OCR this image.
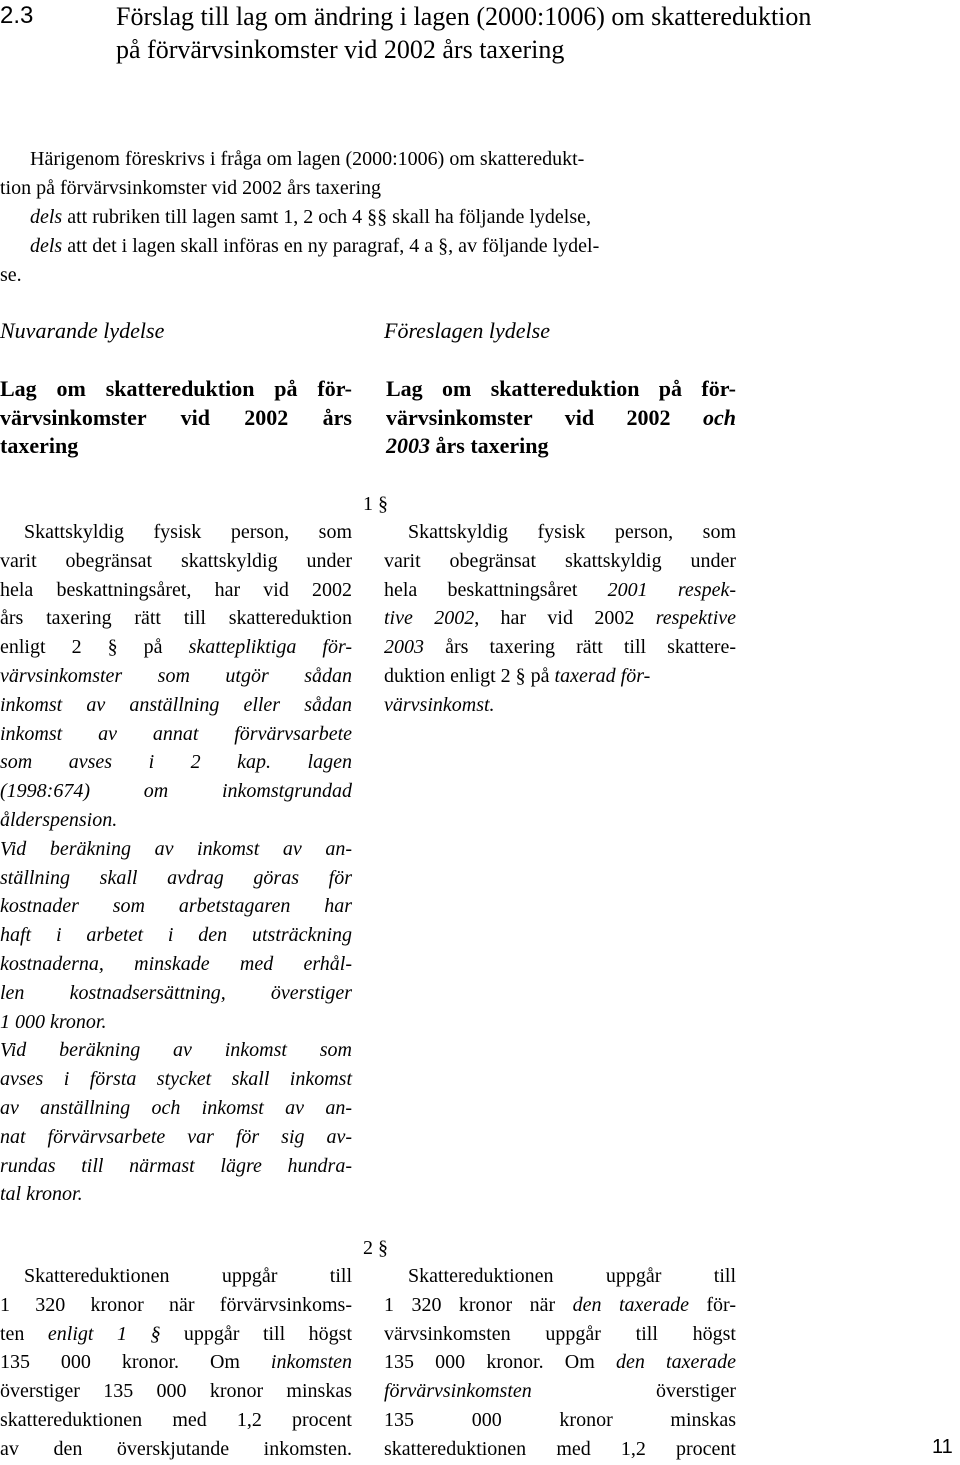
2.3	Förslag till lag om ändring i lagen (2000:1006) om skattereduktion på förvärvsinkomster vid 2002 års taxering
Härigenom föreskrivs i fråga om lagen (2000:1006) om skatteredukt-
tion på förvärvsinkomster vid 2002 års taxering
dels att rubriken till lagen samt 1, 2 och 4 §§ skall ha följande lydelse,
dels att det i lagen skall införas en ny paragraf, 4 a §, av följande lydel-
se.
Nuvarande lydelse	Föreslagen lydelse
Lag om skattereduktion på för-
värvsinkomster vid 2002 års
taxering
Lag om skattereduktion på för-
värvsinkomster vid 2002 och
2003 års taxering
1 §
Skattskyldig fysisk person, som
varit obegränsat skattskyldig under
hela beskattningsåret, har vid 2002
års taxering rätt till skattereduktion
enligt 2 § på skattepliktiga för-
värvsinkomster som utgör sådan
inkomst av anställning eller sådan
inkomst av annat förvärvsarbete
som avses i 2 kap. lagen
(1998:674) om inkomstgrundad
ålderspension.
Vid beräkning av inkomst av an-
ställning skall avdrag göras för
kostnader som arbetstagaren har
haft i arbetet i den utsträckning
kostnaderna, minskade med erhål-
len kostnadsersättning, överstiger
1 000 kronor.
Vid beräkning av inkomst som
avses i första stycket skall inkomst
av anställning och inkomst av an-
nat förvärvsarbete var för sig av-
rundas till närmast lägre hundra-
tal kronor.
Skattskyldig fysisk person, som
varit obegränsat skattskyldig under
hela beskattningsåret 2001 respek-
tive 2002, har vid 2002 respektive
2003 års taxering rätt till skattere-
duktion enligt 2 § på taxerad för-
värvsinkomst.
2 §
Skattereduktionen uppgår till
1 320 kronor när förvärvsinkoms-
ten enligt 1 § uppgår till högst
135 000 kronor. Om inkomsten
överstiger 135 000 kronor minskas
skattereduktionen med 1,2 procent
av den överskjutande inkomsten.
Skattereduktionen uppgår till
1 320 kronor när den taxerade för-
värvsinkomsten uppgår till högst
135 000 kronor. Om den taxerade
förvärvsinkomsten överstiger
135 000 kronor minskas
skattereduktionen med 1,2 procent	11
